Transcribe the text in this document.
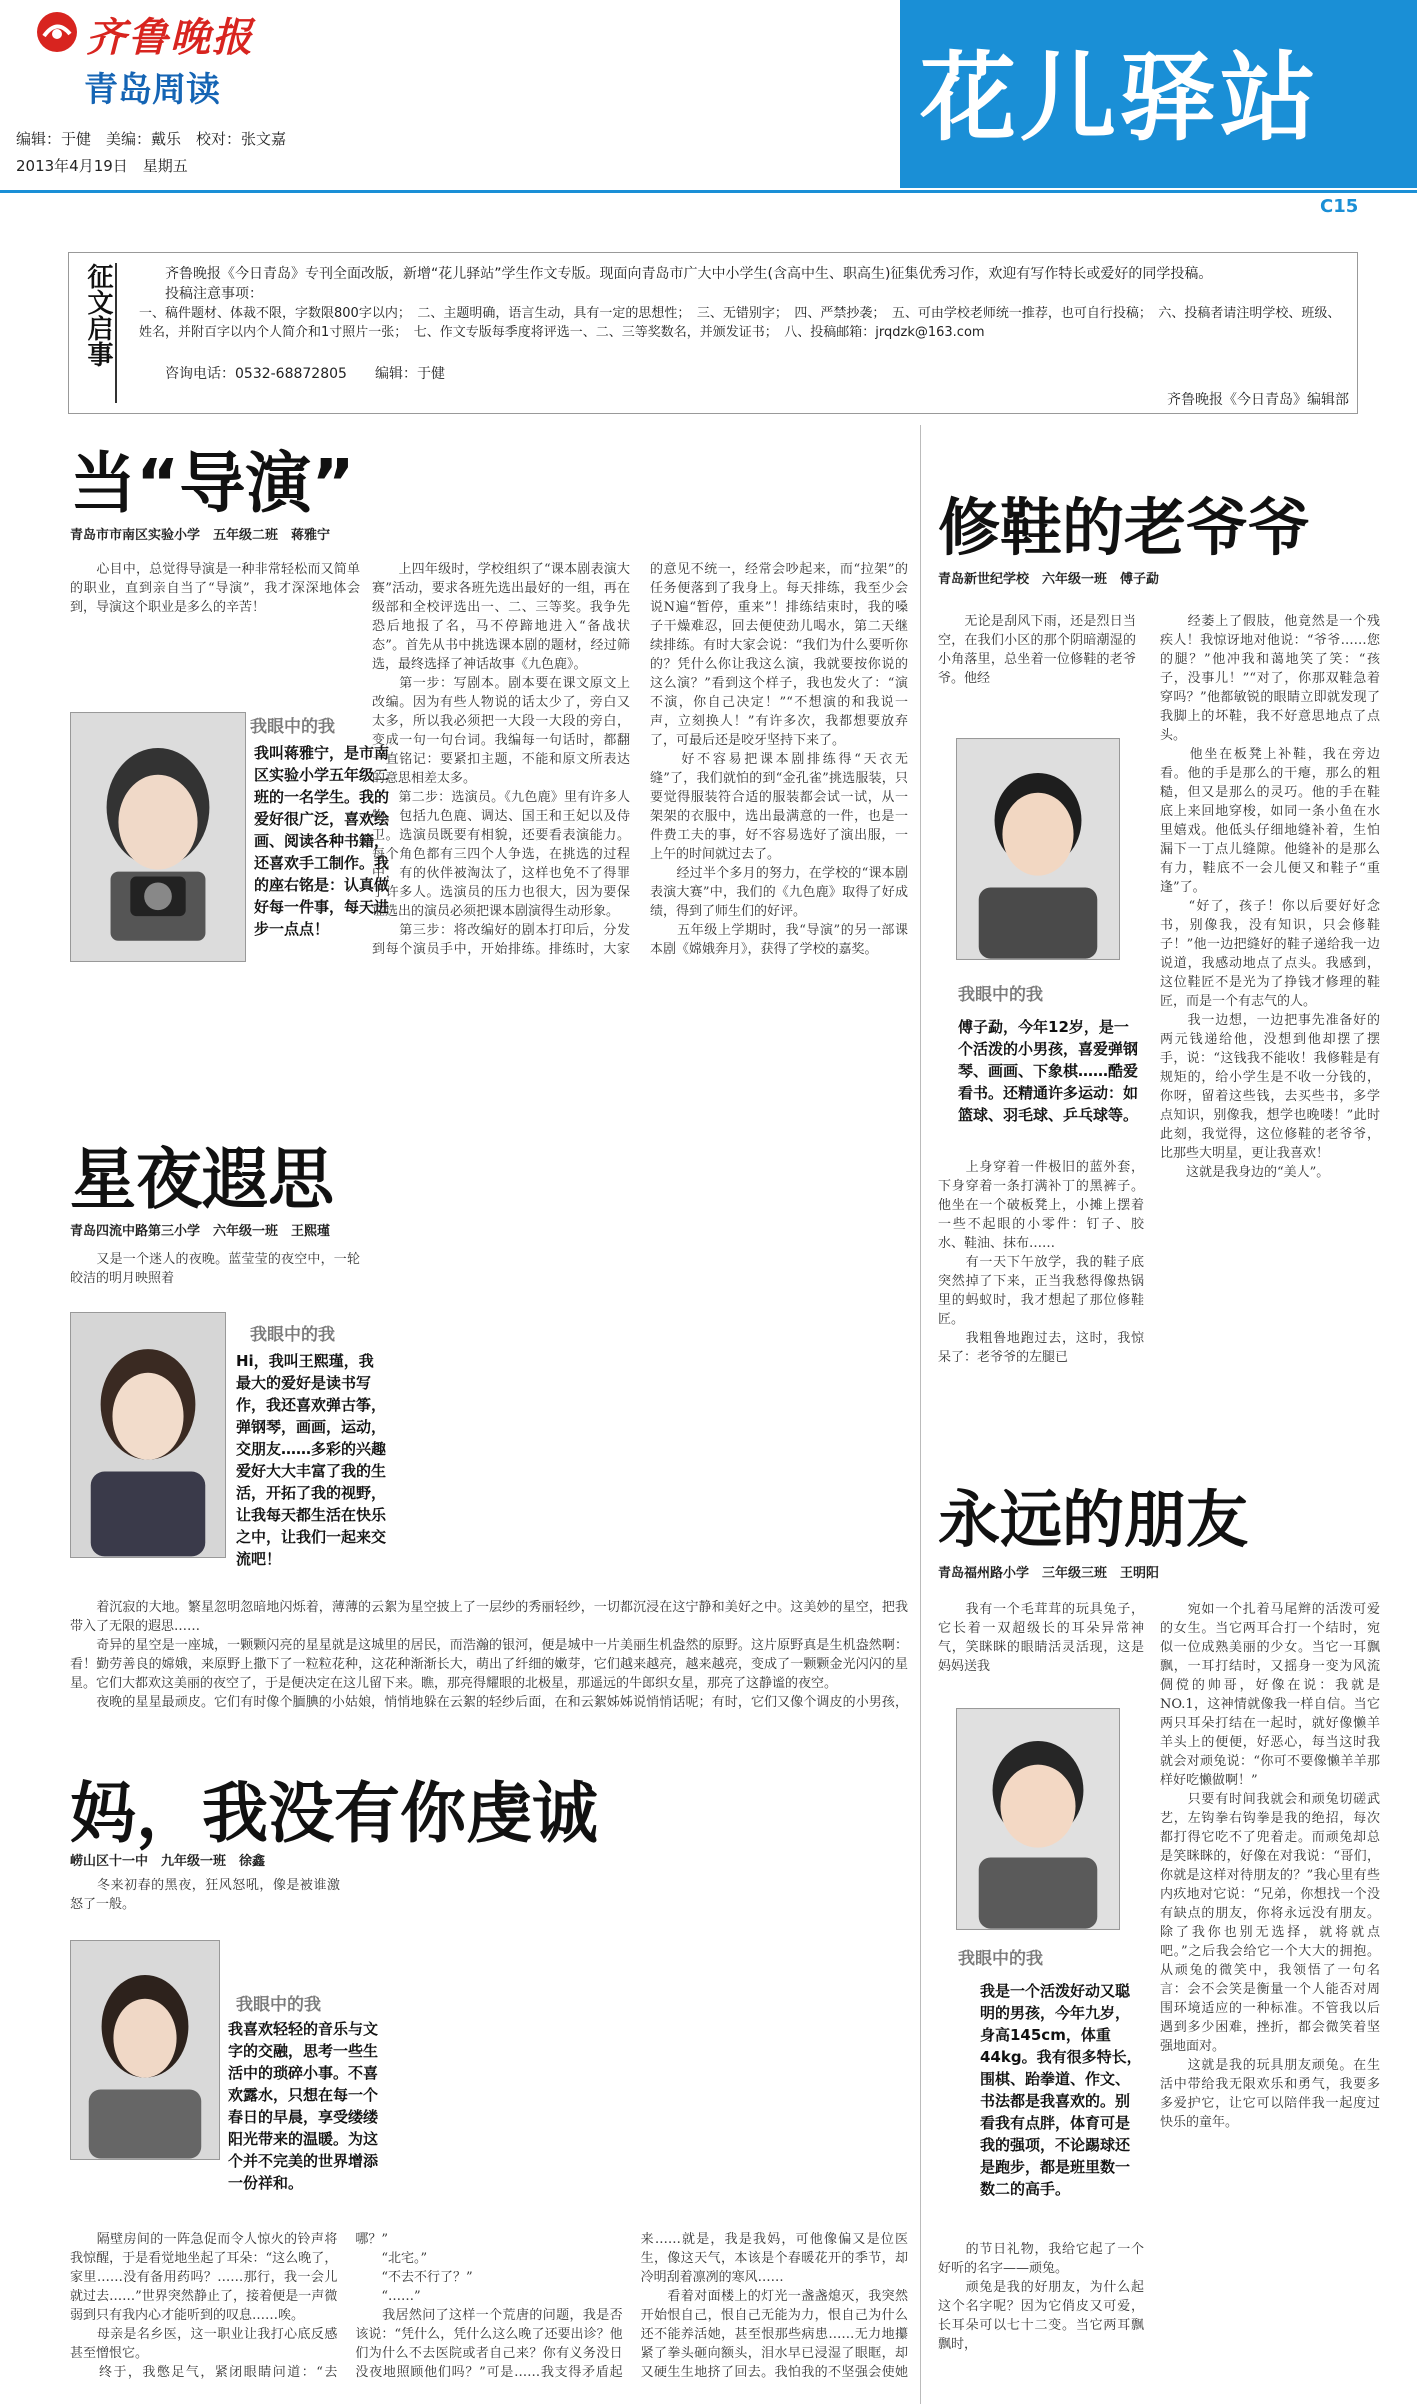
齐鲁晚报
青岛周读
编辑：于健　美编：戴乐　校对：张文嘉
2013年4月19日　星期五
花儿驿站
C15
征文启事	齐鲁晚报《今日青岛》专刊全面改版，新增“花儿驿站”学生作文专版。现面向青岛市广大中小学生(含高中生、职高生)征集优秀习作，欢迎有写作特长或爱好的同学投稿。
投稿注意事项：
一、稿件题材、体裁不限，字数限800字以内；　二、主题明确，语言生动，具有一定的思想性；　三、无错别字；　四、严禁抄袭；　五、可由学校老师统一推荐，也可自行投稿；　六、投稿者请注明学校、班级、姓名，并附百字以内个人简介和1寸照片一张；　七、作文专版每季度将评选一、二、三等奖数名，并颁发证书；　八、投稿邮箱：jrqdzk@163.com
咨询电话：0532-68872805　　编辑：于健
齐鲁晚报《今日青岛》编辑部
当“导演”
青岛市市南区实验小学　五年级二班　蒋雅宁
　　心目中，总觉得导演是一种非常轻松而又简单的职业，直到亲自当了“导演”，我才深深地体会到，导演这个职业是多么的辛苦！
我眼中的我
我叫蒋雅宁，是市南区实验小学五年级二班的一名学生。我的爱好很广泛，喜欢绘画、阅读各种书籍，还喜欢手工制作。我的座右铭是：认真做好每一件事，每天进步一点点！
　　上四年级时，学校组织了“课本剧表演大赛”活动，要求各班先选出最好的一组，再在级部和全校评选出一、二、三等奖。我争先恐后地报了名，马不停蹄地进入“备战状态”。首先从书中挑选课本剧的题材，经过筛选，最终选择了神话故事《九色鹿》。
　　第一步：写剧本。剧本要在课文原文上改编。因为有些人物说的话太少了，旁白又太多，所以我必须把一大段一大段的旁白，变成一句一句台词。我编每一句话时，都翻一直铭记：要紧扣主题，不能和原文所表达的意思相差太多。
　　第二步：选演员。《九色鹿》里有许多人物，包括九色鹿、调达、国王和王妃以及侍卫。选演员既要有相貌，还要看表演能力。每个角色都有三四个人争选，在挑选的过程中，有的伙伴被淘汰了，这样也免不了得罪了许多人。选演员的压力也很大，因为要保证选出的演员必须把课本剧演得生动形象。
　　第三步：将改编好的剧本打印后，分发到每个演员手中，开始排练。排练时，大家的意见不统一，经常会吵起来，而“拉架”的任务便落到了我身上。每天排练，我至少会说N遍“暂停，重来”！排练结束时，我的嗓子干燥难忍，回去便使劲儿喝水，第二天继续排练。有时大家会说：“我们为什么要听你的？凭什么你让我这么演，我就要按你说的这么演？”看到这个样子，我也发火了：“演不演，你自己决定！”“不想演的和我说一声，立刻换人！”有许多次，我都想要放弃了，可最后还是咬牙坚持下来了。
　　好不容易把课本剧排练得“天衣无缝”了，我们就怕的到“金孔雀”挑选服装，只要觉得服装符合适的服装都会试一试，从一架架的衣服中，选出最满意的一件，也是一件费工夫的事，好不容易选好了演出服，一上午的时间就过去了。
　　经过半个多月的努力，在学校的“课本剧表演大赛”中，我们的《九色鹿》取得了好成绩，得到了师生们的好评。
　　五年级上学期时，我“导演”的另一部课本剧《嫦娥奔月》，获得了学校的嘉奖。
星夜遐思
青岛四流中路第三小学　六年级一班　王熙瑾
　　又是一个迷人的夜晚。蓝莹莹的夜空中，一轮皎洁的明月映照着
我眼中的我
Hi，我叫王熙瑾，我最大的爱好是读书写作，我还喜欢弹古筝，弹钢琴，画画，运动，交朋友……多彩的兴趣爱好大大丰富了我的生活，开拓了我的视野，让我每天都生活在快乐之中，让我们一起来交流吧！
　　着沉寂的大地。繁星忽明忽暗地闪烁着，薄薄的云絮为星空披上了一层纱的秀丽轻纱，一切都沉浸在这宁静和美好之中。这美妙的星空，把我带入了无限的遐思……
　　奇异的星空是一座城，一颗颗闪亮的星星就是这城里的居民，而浩瀚的银河，便是城中一片美丽生机盎然的原野。这片原野真是生机盎然啊：看！勤劳善良的嫦娥，来原野上撒下了一粒粒花种，这花种渐渐长大，萌出了纤细的嫩芽，它们越来越亮，越来越亮，变成了一颗颗金光闪闪的星星。它们大都欢这美丽的夜空了，于是便决定在这儿留下来。瞧，那亮得耀眼的北极星，那遥远的牛郎织女星，那亮了这静谧的夜空。
　　夜晚的星星最顽皮。它们有时像个腼腆的小姑娘，悄悄地躲在云絮的轻纱后面，在和云絮姊姊说悄悄话呢；有时，它们又像个调皮的小男孩，

妈，我没有你虔诚
崂山区十一中　九年级一班　徐鑫
　　冬来初春的黑夜，狂风怒吼，像是被谁激怒了一般。
我眼中的我
我喜欢轻轻的音乐与文字的交融，思考一些生活中的琐碎小事。不喜欢露水，只想在每一个春日的早晨，享受缕缕阳光带来的温暖。为这个并不完美的世界增添一份祥和。
　　隔壁房间的一阵急促而令人惊火的铃声将我惊醒，于是看觉地坐起了耳朵：“这么晚了，家里……没有备用药吗？……那行，我一会儿就过去……”世界突然静止了，接着便是一声微弱到只有我内心才能听到的叹息……唉。
　　母亲是名乡医，这一职业让我打心底反感甚至憎恨它。
　　终于，我憋足气，紧闭眼睛问道：“去哪？”
　　“北宅。”
　　“不去不行了？”
　　“……”
　　我居然问了这样一个荒唐的问题，我是否该说：“凭什么，凭什么这么晚了还要出诊？他们为什么不去医院或者自己来？你有义务没日没夜地照顾他们吗？”可是……我支得矛盾起来……就是，我是我妈，可他像偏又是位医生，像这天气，本该是个春暖花开的季节，却冷明刮着凛冽的寒风……
　　看着对面楼上的灯光一盏盏熄灭，我突然开始恨自己，恨自己无能为力，恨自己为什么还不能养活她，甚至恨那些病患……无力地攥紧了拳头砸向额头，泪水早已浸湿了眼眶，却又硬生生地挤了回去。我怕我的不坚强会使她

修鞋的老爷爷
青岛新世纪学校　六年级一班　傅子勐
　　无论是刮风下雨，还是烈日当空，在我们小区的那个阴暗潮湿的小角落里，总坐着一位修鞋的老爷爷。他经
我眼中的我
傅子勐，今年12岁，是一个活泼的小男孩，喜爱弹钢琴、画画、下象棋……酷爱看书。还精通许多运动：如篮球、羽毛球、乒乓球等。
　　上身穿着一件极旧的蓝外套，下身穿着一条打满补丁的黑裤子。他坐在一个破板凳上，小摊上摆着一些不起眼的小零件：钉子、胶水、鞋油、抹布……
　　有一天下午放学，我的鞋子底突然掉了下来，正当我愁得像热锅里的蚂蚁时，我才想起了那位修鞋匠。
　　我粗鲁地跑过去，这时，我惊呆了：老爷爷的左腿已
　　经萎上了假肢，他竟然是一个残疾人！我惊讶地对他说：“爷爷……您的腿？”他冲我和蔼地笑了笑：“孩子，没事儿！”“对了，你那双鞋急着穿吗？”他都敏锐的眼睛立即就发现了我脚上的坏鞋，我不好意思地点了点头。
　　他坐在板凳上补鞋，我在旁边看。他的手是那么的干瘪，那么的粗糙，但又是那么的灵巧。他的手在鞋底上来回地穿梭，如同一条小鱼在水里嬉戏。他低头仔细地缝补着，生怕漏下一丁点儿缝隙。他缝补的是那么有力，鞋底不一会儿便又和鞋子“重逢”了。
　　“好了，孩子！你以后要好好念书，别像我，没有知识，只会修鞋子！”他一边把缝好的鞋子递给我一边说道，我感动地点了点头。我感到，这位鞋匠不是光为了挣钱才修理的鞋匠，而是一个有志气的人。
　　我一边想，一边把事先准备好的两元钱递给他，没想到他却摆了摆手，说：“这钱我不能收！我修鞋是有规矩的，给小学生是不收一分钱的，你呀，留着这些钱，去买些书，多学点知识，别像我，想学也晚喽！”此时此刻，我觉得，这位修鞋的老爷爷，比那些大明星，更让我喜欢！
　　这就是我身边的“美人”。
永远的朋友
青岛福州路小学　三年级三班　王明阳
　　我有一个毛茸茸的玩具兔子，它长着一双超级长的耳朵异常神气，笑眯眯的眼睛活灵活现，这是妈妈送我
我眼中的我
我是一个活泼好动又聪明的男孩，今年九岁，身高145cm，体重44kg。我有很多特长，围棋、跆拳道、作文、书法都是我喜欢的。别看我有点胖，体育可是我的强项，不论踢球还是跑步，都是班里数一数二的高手。
　　的节日礼物，我给它起了一个好听的名字——顽兔。
　　顽兔是我的好朋友，为什么起这个名字呢？因为它俏皮又可爱，长耳朵可以七十二变。当它两耳飘飘时，
　　宛如一个扎着马尾辫的活泼可爱的女生。当它两耳合打一个结时，宛似一位成熟美丽的少女。当它一耳飘飘，一耳打结时，又摇身一变为风流倜傥的帅哥，好像在说：我就是NO.1，这神情就像我一样自信。当它两只耳朵打结在一起时，就好像懒羊羊头上的便便，好恶心，每当这时我就会对顽兔说：“你可不要像懒羊羊那样好吃懒做啊！”
　　只要有时间我就会和顽兔切磋武艺，左钩拳右钩拳是我的绝招，每次都打得它吃不了兜着走。而顽兔却总是笑眯眯的，好像在对我说：“哥们，你就是这样对待朋友的？”我心里有些内疚地对它说：“兄弟，你想找一个没有缺点的朋友，你将永远没有朋友。除了我你也别无选择，就将就点吧。”之后我会给它一个大大的拥抱。从顽兔的微笑中，我领悟了一句名言：会不会笑是衡量一个人能否对周围环境适应的一种标准。不管我以后遇到多少困难，挫折，都会微笑着坚强地面对。
　　这就是我的玩具朋友顽兔。在生活中带给我无限欢乐和勇气，我要多多爱护它，让它可以陪伴我一起度过快乐的童年。
